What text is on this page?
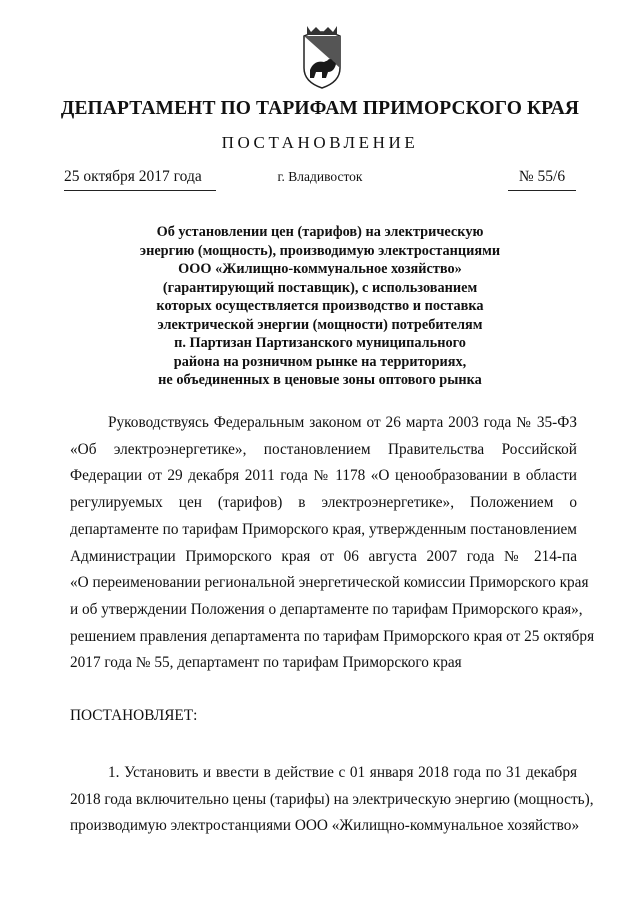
ДЕПАРТАМЕНТ ПО ТАРИФАМ ПРИМОРСКОГО КРАЯ
ПОСТАНОВЛЕНИЕ
25 октября 2017 года	г. Владивосток	№ 55/6

Об установлении цен (тарифов) на электрическую
энергию (мощность), производимую электростанциями
ООО «Жилищно-коммунальное хозяйство»
(гарантирующий поставщик), с использованием
которых осуществляется производство и поставка
электрической энергии (мощности) потребителям
п. Партизан Партизанского муниципального
района на розничном рынке на территориях,
не объединенных в ценовые зоны оптового рынка

Руководствуясь Федеральным законом от 26 марта 2003 года № 35-ФЗ
«Об электроэнергетике», постановлением Правительства Российской
Федерации от 29 декабря 2011 года № 1178 «О ценообразовании в области
регулируемых цен (тарифов) в электроэнергетике», Положением о
департаменте по тарифам Приморского края, утвержденным постановлением
Администрации Приморского края от 06 августа 2007 года № 214-па
«О переименовании региональной энергетической комиссии Приморского края
и об утверждении Положения о департаменте по тарифам Приморского края»,
решением правления департамента по тарифам Приморского края от 25 октября
2017 года № 55, департамент по тарифам Приморского края
ПОСТАНОВЛЯЕТ:
1. Установить и ввести в действие с 01 января 2018 года по 31 декабря
2018 года включительно цены (тарифы) на электрическую энергию (мощность),
производимую электростанциями ООО «Жилищно-коммунальное хозяйство»
